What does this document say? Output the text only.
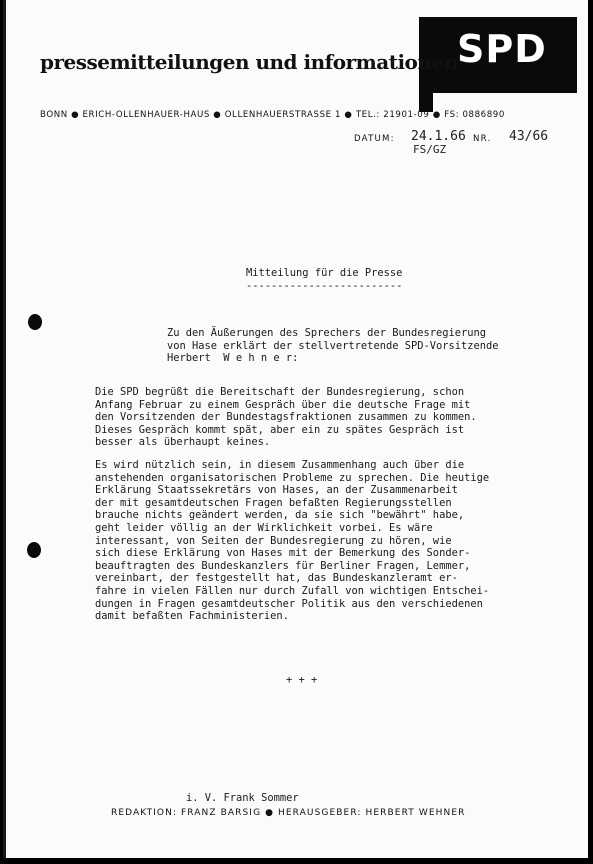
SPD
pressemitteilungen und informationen
BONN ● ERICH-OLLENHAUER-HAUS ● OLLENHAUERSTRASSE 1 ● TEL.: 21901-09 ● FS: 0886890
DATUM: 24.1.66 NR. 43/66
FS/GZ
Mitteilung für die Presse
-------------------------
Zu den Äußerungen des Sprechers der Bundesregierung
von Hase erklärt der stellvertretende SPD-Vorsitzende
Herbert  W e h n e r:
Die SPD begrüßt die Bereitschaft der Bundesregierung, schon
Anfang Februar zu einem Gespräch über die deutsche Frage mit
den Vorsitzenden der Bundestagsfraktionen zusammen zu kommen.
Dieses Gespräch kommt spät, aber ein zu spätes Gespräch ist
besser als überhaupt keines.
Es wird nützlich sein, in diesem Zusammenhang auch über die
anstehenden organisatorischen Probleme zu sprechen. Die heutige
Erklärung Staatssekretärs von Hases, an der Zusammenarbeit
der mit gesamtdeutschen Fragen befaßten Regierungsstellen
brauche nichts geändert werden, da sie sich "bewährt" habe,
geht leider völlig an der Wirklichkeit vorbei. Es wäre
interessant, von Seiten der Bundesregierung zu hören, wie
sich diese Erklärung von Hases mit der Bemerkung des Sonder-
beauftragten des Bundeskanzlers für Berliner Fragen, Lemmer,
vereinbart, der festgestellt hat, das Bundeskanzleramt er-
fahre in vielen Fällen nur durch Zufall von wichtigen Entschei-
dungen in Fragen gesamtdeutscher Politik aus den verschiedenen
damit befaßten Fachministerien.
+ + +
i. V. Frank Sommer
REDAKTION: FRANZ BARSIG ● HERAUSGEBER: HERBERT WEHNER
